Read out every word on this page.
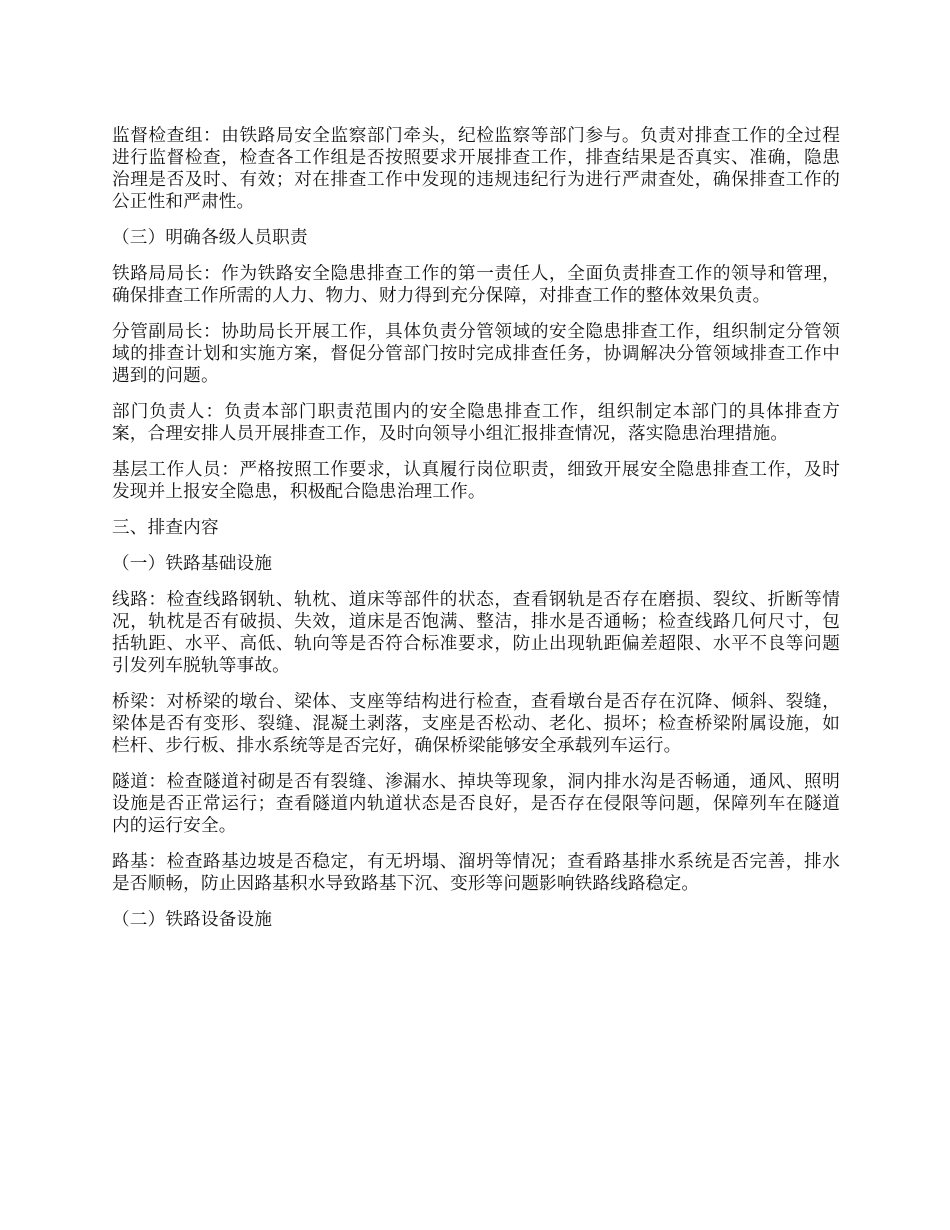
监督检查组：由铁路局安全监察部门牵头，纪检监察等部门参与。负责对排查工作的全过程进行监督检查，检查各工作组是否按照要求开展排查工作，排查结果是否真实、准确，隐患治理是否及时、有效；对在排查工作中发现的违规违纪行为进行严肃查处，确保排查工作的公正性和严肃性。

（三）明确各级人员职责

铁路局局长：作为铁路安全隐患排查工作的第一责任人，全面负责排查工作的领导和管理，确保排查工作所需的人力、物力、财力得到充分保障，对排查工作的整体效果负责。

分管副局长：协助局长开展工作，具体负责分管领域的安全隐患排查工作，组织制定分管领域的排查计划和实施方案，督促分管部门按时完成排查任务，协调解决分管领域排查工作中遇到的问题。

部门负责人：负责本部门职责范围内的安全隐患排查工作，组织制定本部门的具体排查方案，合理安排人员开展排查工作，及时向领导小组汇报排查情况，落实隐患治理措施。

基层工作人员：严格按照工作要求，认真履行岗位职责，细致开展安全隐患排查工作，及时发现并上报安全隐患，积极配合隐患治理工作。

三、排查内容

（一）铁路基础设施

线路：检查线路钢轨、轨枕、道床等部件的状态，查看钢轨是否存在磨损、裂纹、折断等情况，轨枕是否有破损、失效，道床是否饱满、整洁，排水是否通畅；检查线路几何尺寸，包括轨距、水平、高低、轨向等是否符合标准要求，防止出现轨距偏差超限、水平不良等问题引发列车脱轨等事故。

桥梁：对桥梁的墩台、梁体、支座等结构进行检查，查看墩台是否存在沉降、倾斜、裂缝，梁体是否有变形、裂缝、混凝土剥落，支座是否松动、老化、损坏；检查桥梁附属设施，如栏杆、步行板、排水系统等是否完好，确保桥梁能够安全承载列车运行。

隧道：检查隧道衬砌是否有裂缝、渗漏水、掉块等现象，洞内排水沟是否畅通，通风、照明设施是否正常运行；查看隧道内轨道状态是否良好，是否存在侵限等问题，保障列车在隧道内的运行安全。

路基：检查路基边坡是否稳定，有无坍塌、溜坍等情况；查看路基排水系统是否完善，排水是否顺畅，防止因路基积水导致路基下沉、变形等问题影响铁路线路稳定。

（二）铁路设备设施
